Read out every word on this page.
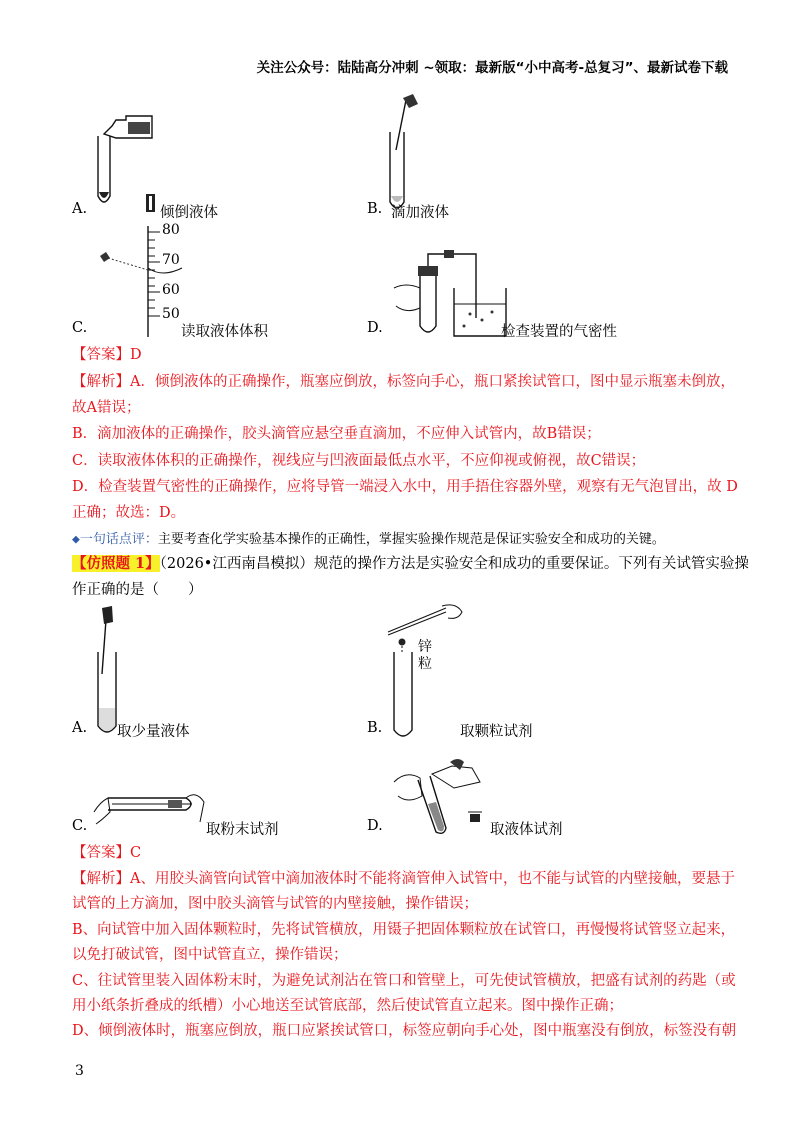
关注公众号：陆陆高分冲刺 ~领取：最新版“小中高考-总复习”、最新试卷下载
A.	倾倒液体	B. 滴加液体
80
70
60
50
C.	读取液体体积	D.	检查装置的气密性
【答案】D
【解析】A．倾倒液体的正确操作，瓶塞应倒放，标签向手心，瓶口紧挨试管口，图中显示瓶塞未倒放，
故A错误；
B．滴加液体的正确操作，胶头滴管应悬空垂直滴加，不应伸入试管内，故B错误；
C．读取液体体积的正确操作，视线应与凹液面最低点水平，不应仰视或俯视，故C错误；
D．检查装置气密性的正确操作，应将导管一端浸入水中，用手捂住容器外壁，观察有无气泡冒出，故 D
正确；故选：D。
◆一句话点评：主要考查化学实验基本操作的正确性，掌握实验操作规范是保证实验安全和成功的关键。
【仿照题 1】（2026•江西南昌模拟）规范的操作方法是实验安全和成功的重要保证。下列有关试管实验操
作正确的是（　　）
A. 取少量液体
锌
粒
B.	取颗粒试剂
C.	取粉末试剂	D.	取液体试剂
【答案】C
【解析】A、用胶头滴管向试管中滴加液体时不能将滴管伸入试管中，也不能与试管的内壁接触，要悬于
试管的上方滴加，图中胶头滴管与试管的内壁接触，操作错误；
B、向试管中加入固体颗粒时，先将试管横放，用镊子把固体颗粒放在试管口，再慢慢将试管竖立起来，
以免打破试管，图中试管直立，操作错误；
C、往试管里装入固体粉末时，为避免试剂沾在管口和管壁上，可先使试管横放，把盛有试剂的药匙（或
用小纸条折叠成的纸槽）小心地送至试管底部，然后使试管直立起来。图中操作正确；
D、倾倒液体时，瓶塞应倒放，瓶口应紧挨试管口，标签应朝向手心处，图中瓶塞没有倒放，标签没有朝
3
